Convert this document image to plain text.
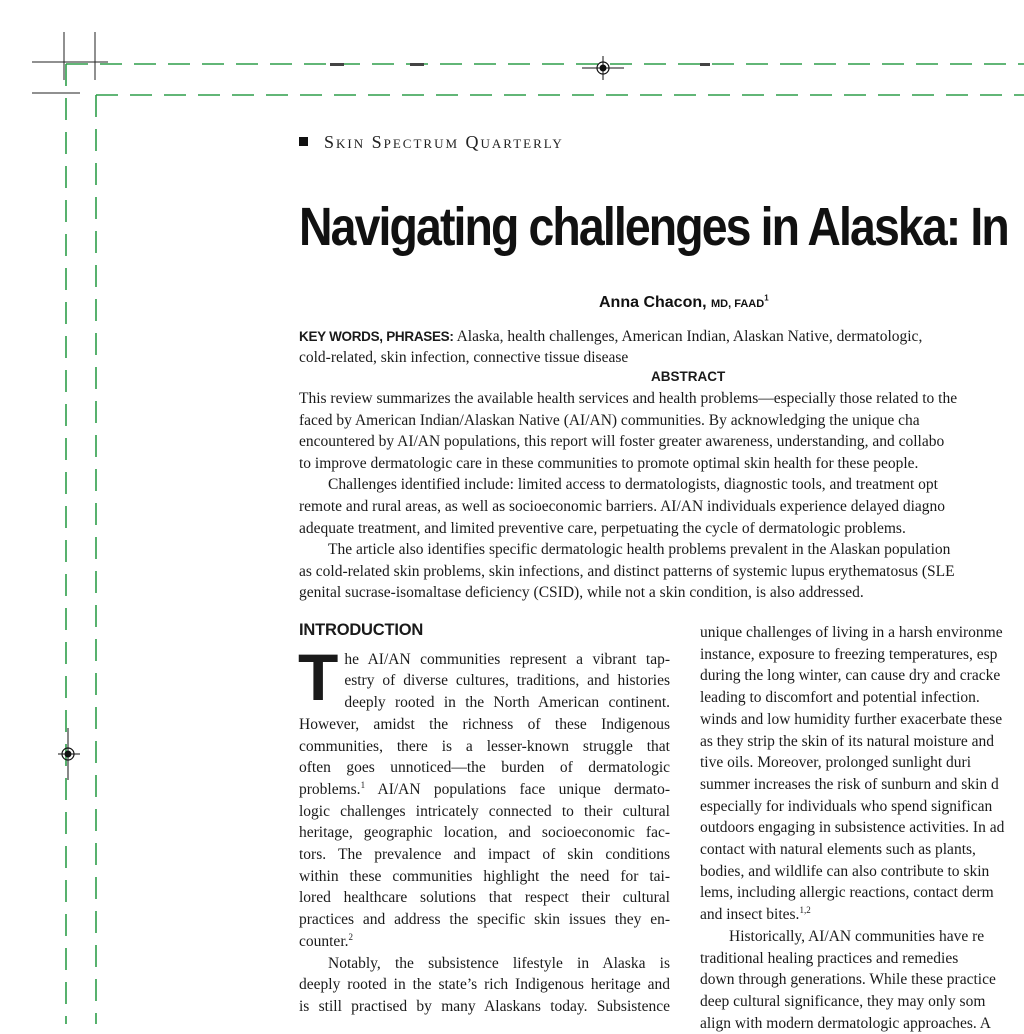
Skin Spectrum Quarterly
Navigating challenges in Alaska: In
Anna Chacon, MD, FAAD$^1$
KEY WORDS, PHRASES: Alaska, health challenges, American Indian, Alaskan Native, dermatologic,
cold-related, skin infection, connective tissue disease
ABSTRACT
This review summarizes the available health services and health problems—especially those related to the
faced by American Indian/Alaskan Native (AI/AN) communities. By acknowledging the unique cha
encountered by AI/AN populations, this report will foster greater awareness, understanding, and collabo
to improve dermatologic care in these communities to promote optimal skin health for these people.
Challenges identified include: limited access to dermatologists, diagnostic tools, and treatment opt
remote and rural areas, as well as socioeconomic barriers. AI/AN individuals experience delayed diagno
adequate treatment, and limited preventive care, perpetuating the cycle of dermatologic problems.
The article also identifies specific dermatologic health problems prevalent in the Alaskan population
as cold-related skin problems, skin infections, and distinct patterns of systemic lupus erythematosus (SLE
genital sucrase-isomaltase deficiency (CSID), while not a skin condition, is also addressed.
INTRODUCTION
T he AI/AN communities represent a vibrant tap-
estry of diverse cultures, traditions, and histories
deeply rooted in the North American continent.
However, amidst the richness of these Indigenous
communities, there is a lesser-known struggle that
often goes unnoticed—the burden of dermatologic
problems.$^1$ AI/AN populations face unique dermato-
logic challenges intricately connected to their cultural
heritage, geographic location, and socioeconomic fac-
tors. The prevalence and impact of skin conditions
within these communities highlight the need for tai-
lored healthcare solutions that respect their cultural
practices and address the specific skin issues they en-
counter.$^2$
Notably, the subsistence lifestyle in Alaska is
deeply rooted in the state’s rich Indigenous heritage and
is still practised by many Alaskans today. Subsistence
unique challenges of living in a harsh environme
instance, exposure to freezing temperatures, esp
during the long winter, can cause dry and cracke
leading to discomfort and potential infection.
winds and low humidity further exacerbate these
as they strip the skin of its natural moisture and
tive oils. Moreover, prolonged sunlight duri
summer increases the risk of sunburn and skin d
especially for individuals who spend significan
outdoors engaging in subsistence activities. In ad
contact with natural elements such as plants,
bodies, and wildlife can also contribute to skin
lems, including allergic reactions, contact derm
and insect bites.$^{1,2}$
Historically, AI/AN communities have re
traditional healing practices and remedies
down through generations. While these practice
deep cultural significance, they may only som
align with modern dermatologic approaches. A
